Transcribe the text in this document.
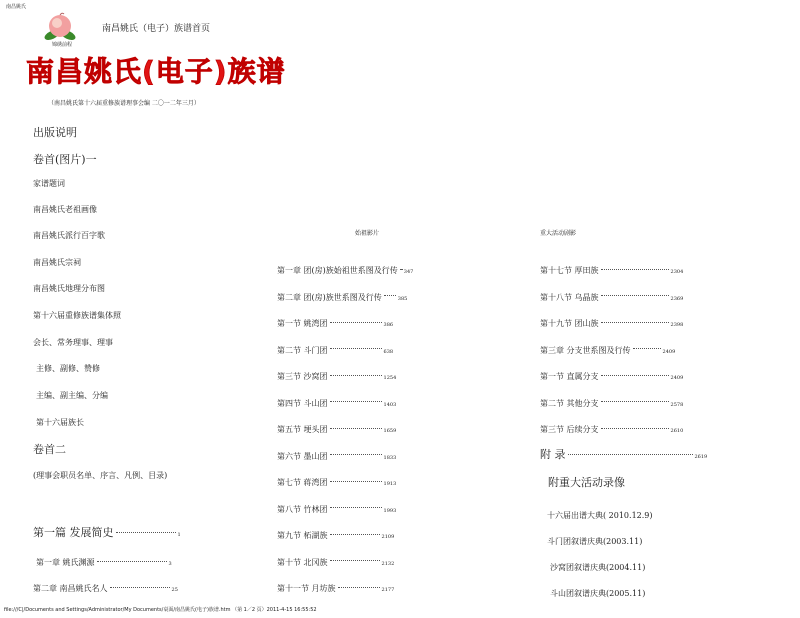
南昌姚氏
锦绣前程
南昌姚氏（电子）族谱首页
南昌姚氏(电子)族谱
（南昌姚氏第十六届重修族谱理事会编 二〇一二年三月）
出版说明
卷首(图片)一
家谱题词
南昌姚氏老祖画像
南昌姚氏派行百字歌
南昌姚氏宗祠
南昌姚氏地理分布图
第十六届重修族谱集体照
会长、常务理事、理事
主修、副修、赞修
主编、副主编、分编
第十六届族长
卷首二
(理事会职员名单、序言、凡例、目录)
第一篇 发展简史	1
第一章 姚氏渊源	3
第二章 南昌姚氏名人	25
始祖影片
第一章 团(房)族始祖世系图及行传 347
第二章 团(房)族世系图及行传	385
第一节 姚湾团	386
第二节 斗门团	638
第三节 沙窝团	1254
第四节 斗山团	1403
第五节 埂头团	1659
第六节 墨山团	1833
第七节 蒋湾团	1913
第八节 竹林团	1993
第九节 柘湖族	2109
第十节 北冈族	2132
第十一节 月坊族	2177
重大活动剧影
第十七节 厚田族	2304
第十八节 乌晶族	2369
第十九节 团山族	2398
第三章 分支世系图及行传	2409
第一节 直属分支	2409
第二节 其他分支	2578
第三节 后续分支	2610
附 录	2619
附重大活动录像
十六届出谱大典( 2010.12.9)
斗门团叙谱庆典(2003.11)
沙窝团叙谱庆典(2004.11)
斗山团叙谱庆典(2005.11)
file:///C|/Documents and Settings/Administrator/My Documents/桌面/南昌姚氏(电子)族谱.htm （第 1／2 页）2011-4-15 16:55:52
